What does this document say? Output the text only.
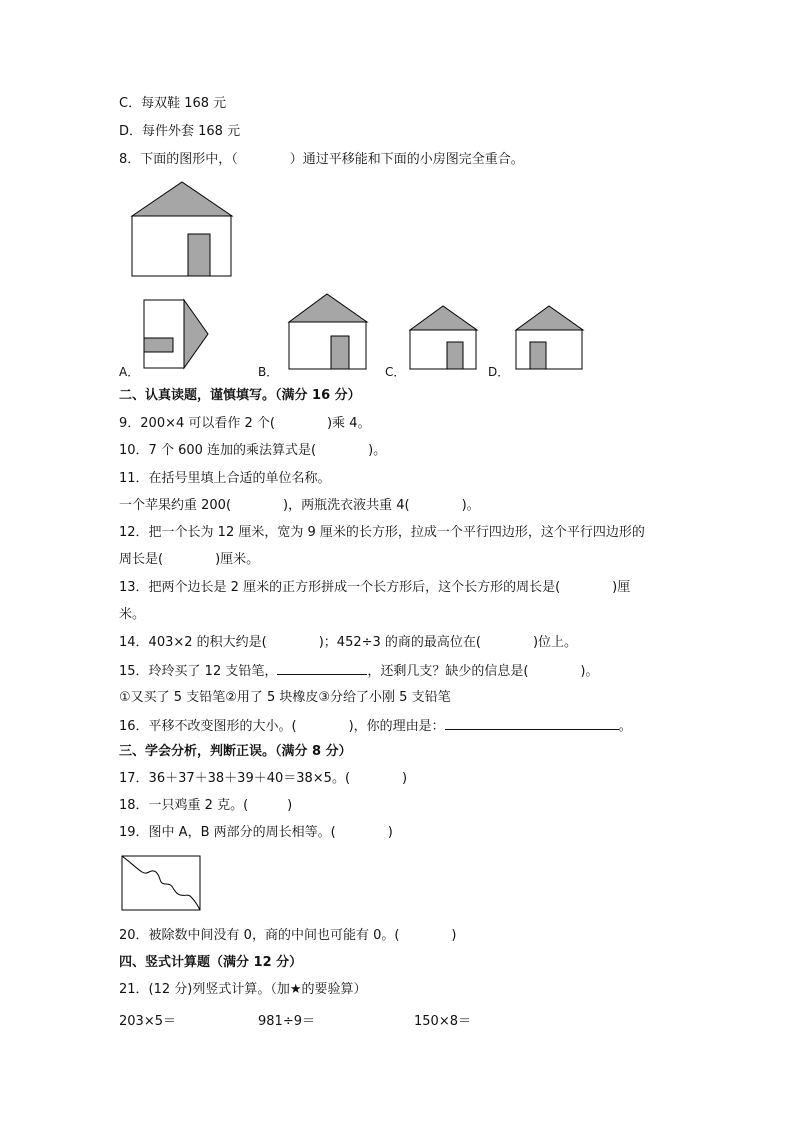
C．每双鞋 168 元
D．每件外套 168 元
8．下面的图形中，（　　　　）通过平移能和下面的小房图完全重合。
A．	B．	C．	D．
二、认真读题，谨慎填写。（满分 16 分）
9．200×4 可以看作 2 个(　　　　)乘 4。
10．7 个 600 连加的乘法算式是(　　　　)。
11．在括号里填上合适的单位名称。
一个苹果约重 200(　　　　)，两瓶洗衣液共重 4(　　　　)。
12．把一个长为 12 厘米，宽为 9 厘米的长方形，拉成一个平行四边形，这个平行四边形的
周长是(　　　　)厘米。
13．把两个边长是 2 厘米的正方形拼成一个长方形后，这个长方形的周长是(　　　　)厘
米。
14．403×2 的积大约是(　　　　)；452÷3 的商的最高位在(　　　　)位上。
15．玲玲买了 12 支铅笔，	，还剩几支？缺少的信息是(　　　　)。
①又买了 5 支铅笔②用了 5 块橡皮③分给了小刚 5 支铅笔
16．平移不改变图形的大小。(　　　　)，你的理由是：	。
三、学会分析，判断正误。（满分 8 分）
17．36＋37＋38＋39＋40＝38×5。(　　　　)
18．一只鸡重 2 克。(　　　)
19．图中 A，B 两部分的周长相等。(　　　　)
20．被除数中间没有 0，商的中间也可能有 0。(　　　　)
四、竖式计算题（满分 12 分）
21．(12 分)列竖式计算。（加★的要验算）
203×5＝	981÷9＝	150×8＝
